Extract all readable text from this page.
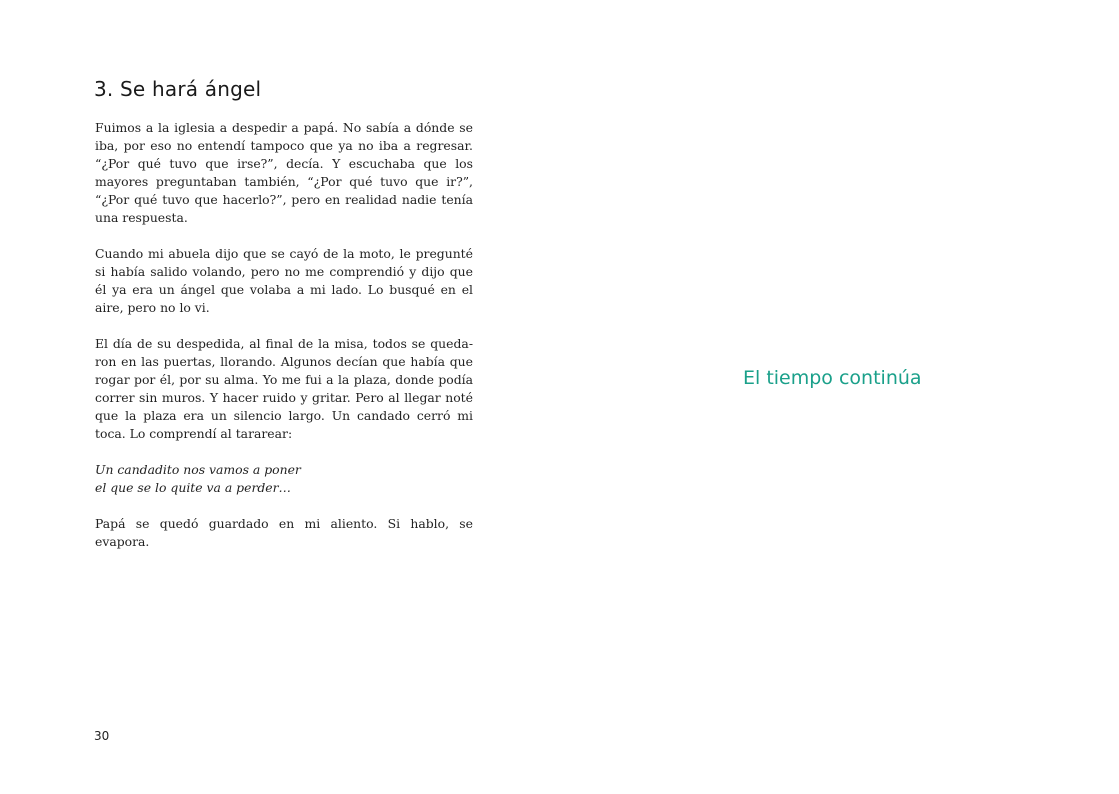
3. Se hará ángel

Fuimos a la iglesia a despedir a papá. No sabía a dónde se iba, por eso no entendí tampoco que ya no iba a regresar. “¿Por qué tuvo que irse?”, decía. Y escuchaba que los mayores preguntaban también, “¿Por qué tuvo que ir?”, “¿Por qué tuvo que hacerlo?”, pero en realidad nadie tenía una respuesta.

Cuando mi abuela dijo que se cayó de la moto, le pregunté si había salido volando, pero no me comprendió y dijo que él ya era un ángel que volaba a mi lado. Lo busqué en el aire, pero no lo vi.

El día de su despedida, al final de la misa, todos se quedaron en las puertas, llorando. Algunos decían que había que rogar por él, por su alma. Yo me fui a la plaza, donde podía correr sin muros. Y hacer ruido y gritar. Pero al llegar noté que la plaza era un silencio largo. Un candado cerró mi toca. Lo comprendí al tararear:

Un candadito nos vamos a poner
el que se lo quite va a perder…

Papá se quedó guardado en mi aliento. Si hablo, se evapora.

30
El tiempo continúa
